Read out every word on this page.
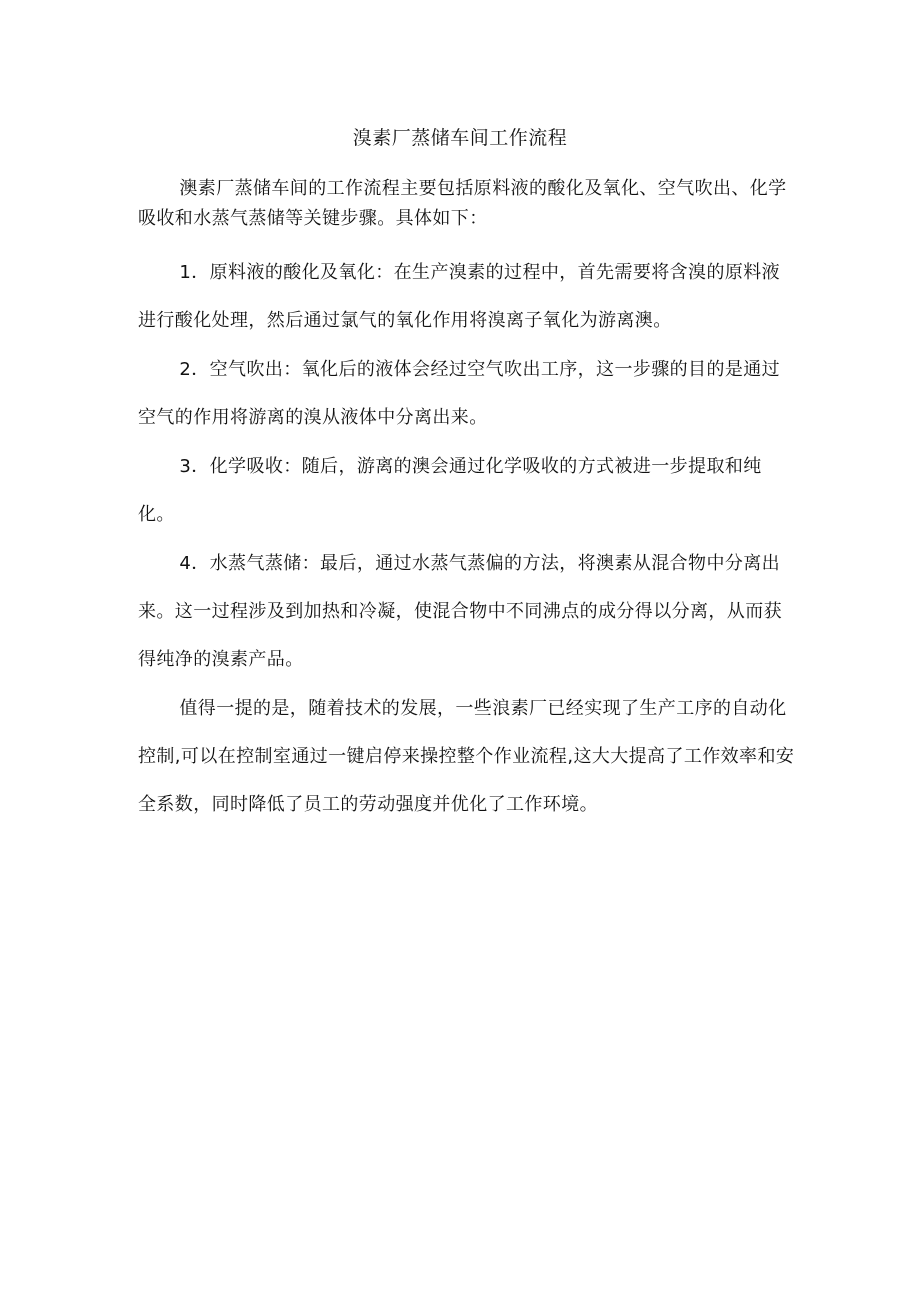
溴素厂蒸储车间工作流程

澳素厂蒸储车间的工作流程主要包括原料液的酸化及氧化、空气吹出、化学吸收和水蒸气蒸储等关键步骤。具体如下：

1．原料液的酸化及氧化：在生产溴素的过程中，首先需要将含溴的原料液进行酸化处理，然后通过氯气的氧化作用将溴离子氧化为游离澳。

2．空气吹出：氧化后的液体会经过空气吹出工序，这一步骤的目的是通过空气的作用将游离的溴从液体中分离出来。

3．化学吸收：随后，游离的澳会通过化学吸收的方式被进一步提取和纯化。

4．水蒸气蒸储：最后，通过水蒸气蒸偏的方法，将澳素从混合物中分离出来。这一过程涉及到加热和冷凝，使混合物中不同沸点的成分得以分离，从而获得纯净的溴素产品。

值得一提的是，随着技术的发展，一些浪素厂已经实现了生产工序的自动化控制,可以在控制室通过一键启停来操控整个作业流程,这大大提高了工作效率和安全系数，同时降低了员工的劳动强度并优化了工作环境。
